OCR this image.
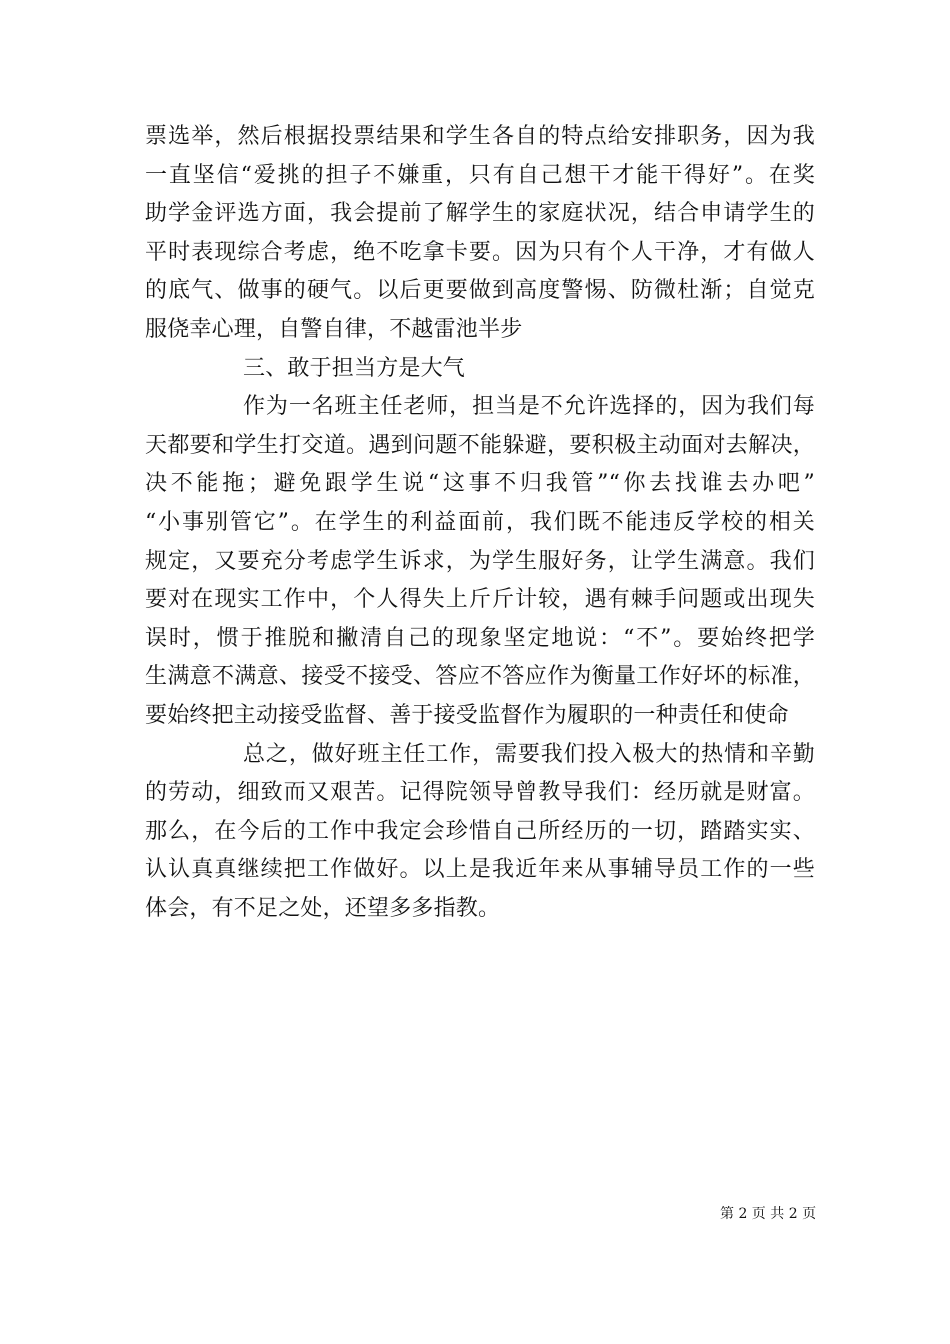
票选举，然后根据投票结果和学生各自的特点给安排职务，因为我
一直坚信“爱挑的担子不嫌重，只有自己想干才能干得好”。在奖
助学金评选方面，我会提前了解学生的家庭状况，结合申请学生的
平时表现综合考虑，绝不吃拿卡要。因为只有个人干净，才有做人
的底气、做事的硬气。以后更要做到高度警惕、防微杜渐；自觉克
服侥幸心理，自警自律，不越雷池半步
三、敢于担当方是大气
作为一名班主任老师，担当是不允许选择的，因为我们每
天都要和学生打交道。遇到问题不能躲避，要积极主动面对去解决，
决不能拖；避免跟学生说“这事不归我管”“你去找谁去办吧”
“小事别管它”。在学生的利益面前，我们既不能违反学校的相关
规定，又要充分考虑学生诉求，为学生服好务，让学生满意。我们
要对在现实工作中，个人得失上斤斤计较，遇有棘手问题或出现失
误时，惯于推脱和撇清自己的现象坚定地说：“不”。要始终把学
生满意不满意、接受不接受、答应不答应作为衡量工作好坏的标准，
要始终把主动接受监督、善于接受监督作为履职的一种责任和使命
总之，做好班主任工作，需要我们投入极大的热情和辛勤
的劳动，细致而又艰苦。记得院领导曾教导我们：经历就是财富。
那么，在今后的工作中我定会珍惜自己所经历的一切，踏踏实实、
认认真真继续把工作做好。以上是我近年来从事辅导员工作的一些
体会，有不足之处，还望多多指教。
第 2 页 共 2 页
